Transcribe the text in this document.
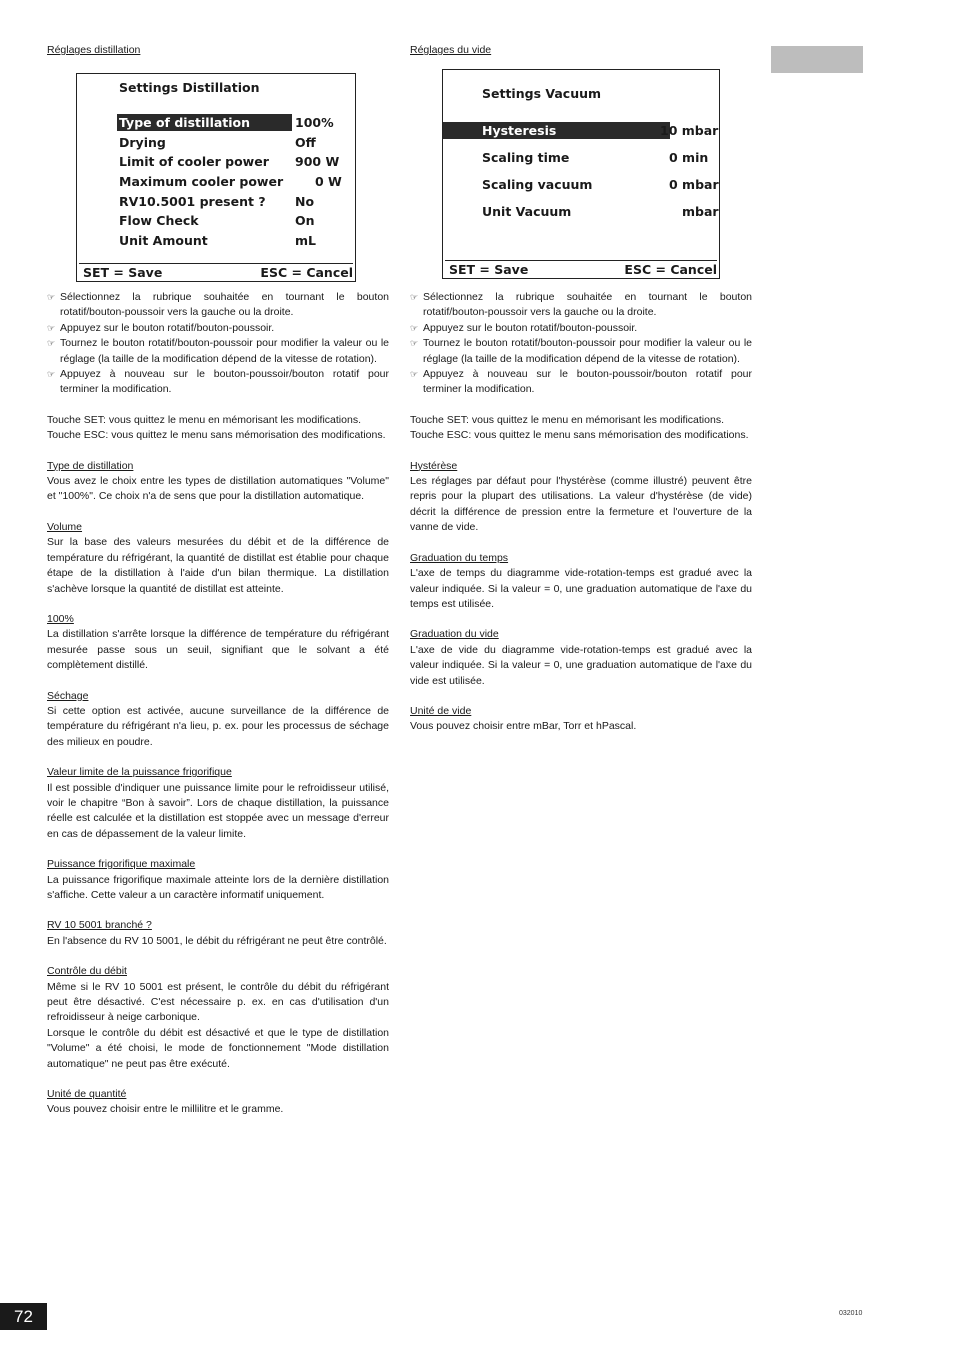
Réglages distillation
Settings Distillation
Type of distillation	100%
Drying	Off
Limit of cooler power 900 W
Maximum cooler power	0 W
RV10.5001 present ? No
Flow Check	On
Unit Amount	mL
SET = Save	ESC = Cancel
☞ Sélectionnez la rubrique souhaitée en tournant le bouton rotatif/bouton-poussoir vers la gauche ou la droite.
☞ Appuyez sur le bouton rotatif/bouton-poussoir.
☞ Tournez le bouton rotatif/bouton-poussoir pour modifier la valeur ou le réglage (la taille de la modification dépend de la vitesse de rotation).
☞ Appuyez à nouveau sur le bouton-poussoir/bouton rotatif pour terminer la modification.

Touche SET: vous quittez le menu en mémorisant les modifications.

Touche ESC: vous quittez le menu sans mémorisation des modifications.

Type de distillation

Vous avez le choix entre les types de distillation automatiques "Volume" et "100%". Ce choix n'a de sens que pour la distillation automatique.

Volume

Sur la base des valeurs mesurées du débit et de la différence de température du réfrigérant, la quantité de distillat est établie pour chaque étape de la distillation à l'aide d'un bilan thermique. La distillation s'achève lorsque la quantité de distillat est atteinte.

100%

La distillation s'arrête lorsque la différence de température du réfrigérant mesurée passe sous un seuil, signifiant que le solvant a été complètement distillé.

Séchage

Si cette option est activée, aucune surveillance de la différence de température du réfrigérant n'a lieu, p. ex. pour les processus de séchage des milieux en poudre.

Valeur limite de la puissance frigorifique

Il est possible d'indiquer une puissance limite pour le refroidisseur utilisé, voir le chapitre “Bon à savoir”. Lors de chaque distillation, la puissance réelle est calculée et la distillation est stoppée avec un message d'erreur en cas de dépassement de la valeur limite.

Puissance frigorifique maximale

La puissance frigorifique maximale atteinte lors de la dernière distillation s'affiche. Cette valeur a un caractère informatif uniquement.

RV 10 5001 branché ?

En l'absence du RV 10 5001, le débit du réfrigérant ne peut être contrôlé.

Contrôle du débit

Même si le RV 10 5001 est présent, le contrôle du débit du réfrigérant peut être désactivé. C'est nécessaire p. ex. en cas d'utilisation d'un refroidisseur à neige carbonique.

Lorsque le contrôle du débit est désactivé et que le type de distillation "Volume" a été choisi, le mode de fonctionnement "Mode distillation automatique" ne peut pas être exécuté.

Unité de quantité

Vous pouvez choisir entre le millilitre et le gramme.

Réglages du vide
Settings Vacuum
Hysteresis	10 mbar
Scaling time	0 min
Scaling vacuum	0 mbar
Unit Vacuum	mbar
SET = Save	ESC = Cancel
☞ Sélectionnez la rubrique souhaitée en tournant le bouton rotatif/bouton-poussoir vers la gauche ou la droite.
☞ Appuyez sur le bouton rotatif/bouton-poussoir.
☞ Tournez le bouton rotatif/bouton-poussoir pour modifier la valeur ou le réglage (la taille de la modification dépend de la vitesse de rotation).
☞ Appuyez à nouveau sur le bouton-poussoir/bouton rotatif pour terminer la modification.

Touche SET: vous quittez le menu en mémorisant les modifications.

Touche ESC: vous quittez le menu sans mémorisation des modifications.

Hystérèse

Les réglages par défaut pour l'hystérèse (comme illustré) peuvent être repris pour la plupart des utilisations. La valeur d'hystérèse (de vide) décrit la différence de pression entre la fermeture et l'ouverture de la vanne de vide.

Graduation du temps

L'axe de temps du diagramme vide-rotation-temps est gradué avec la valeur indiquée. Si la valeur = 0, une graduation automatique de l'axe du temps est utilisée.

Graduation du vide

L'axe de vide du diagramme vide-rotation-temps est gradué avec la valeur indiquée. Si la valeur = 0, une graduation automatique de l'axe du vide est utilisée.

Unité de vide

Vous pouvez choisir entre mBar, Torr et hPascal.

72	032010
